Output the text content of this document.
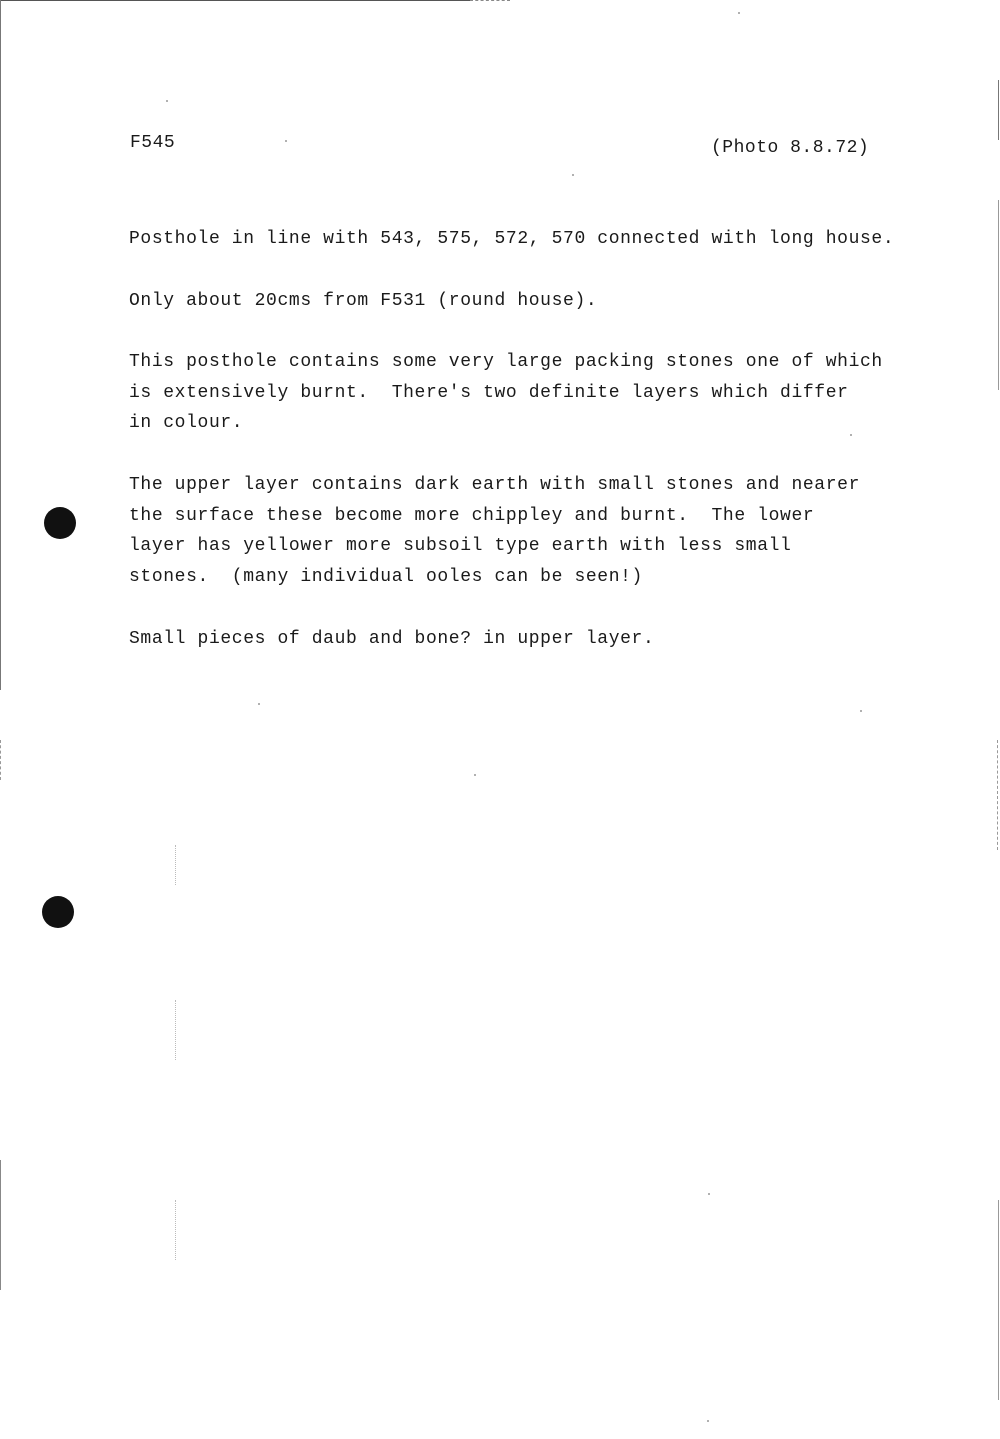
F545	(Photo 8.8.72)
Posthole in line with 543, 575, 572, 570 connected with long house.
Only about 20cms from F531 (round house).
This posthole contains some very large packing stones one of which
is extensively burnt.  There's two definite layers which differ
in colour.
The upper layer contains dark earth with small stones and nearer
the surface these become more chippley and burnt.  The lower
layer has yellower more subsoil type earth with less small
stones.  (many individual ooles can be seen!)
Small pieces of daub and bone? in upper layer.
